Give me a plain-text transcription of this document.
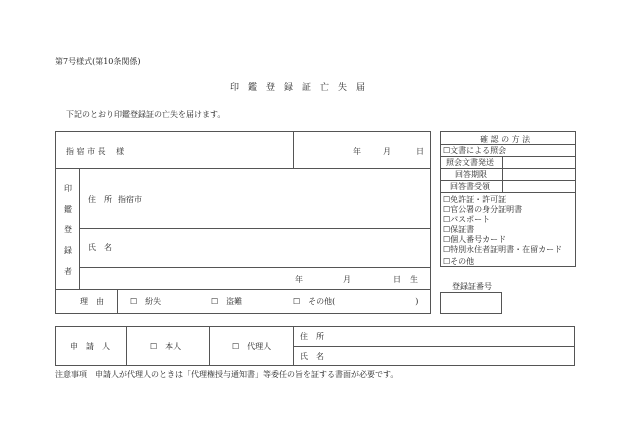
第7号様式(第10条関係)
印　鑑　登　録　証　亡　失　届
下記のとおり印鑑登録証の亡失を届けます。
指 宿 市 長　 様	年	月	日
印
鑑
登
録
者
住　所 指宿市
氏　名
年	月	日 生
理　由	☐　紛失	☐　盗難	☐　その他(　　　　　　　　　　)
申　請　人	☐　本人	☐　代理人
住　所
氏　名
注意事項　申請人が代理人のときは「代理権授与通知書」等委任の旨を証する書面が必要です。
確 認 の 方 法
☐文書による照会
照会文書発送
回答期限
回答書受領
☐免許証・許可証
☐官公署の身分証明書
☐パスポート
☐保証書
☐個人番号カード
☐特別永住者証明書・在留カード
☐その他
登録証番号
